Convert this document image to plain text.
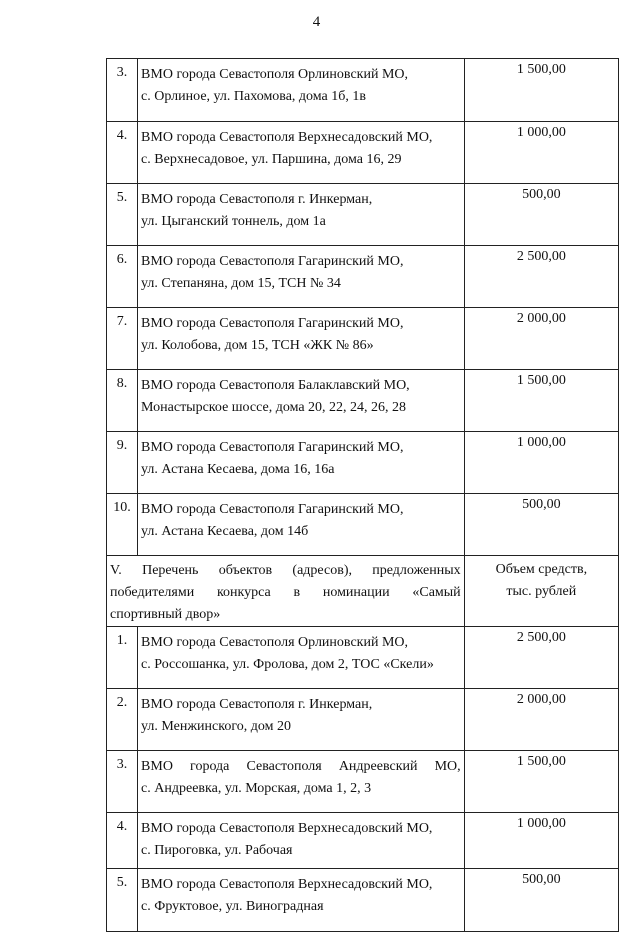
4
3.	ВМО города Севастополя Орлиновский МО,
с. Орлиное, ул. Пахомова, дома 1б, 1в	1 500,00
4.	ВМО города Севастополя Верхнесадовский МО,
с. Верхнесадовое, ул. Паршина, дома 16, 29	1 000,00
5.	ВМО города Севастополя г. Инкерман,
ул. Цыганский тоннель, дом 1а	500,00
6.	ВМО города Севастополя Гагаринский МО,
ул. Степаняна, дом 15, ТСН № 34	2 500,00
7.	ВМО города Севастополя Гагаринский МО,
ул. Колобова, дом 15, ТСН «ЖК № 86»	2 000,00
8.	ВМО города Севастополя Балаклавский МО,
Монастырское шоссе, дома 20, 22, 24, 26, 28	1 500,00
9.	ВМО города Севастополя Гагаринский МО,
ул. Астана Кесаева, дома 16, 16а	1 000,00
10.	ВМО города Севастополя Гагаринский МО,
ул. Астана Кесаева, дом 14б	500,00

V. Перечень объектов (адресов), предложенных
победителями конкурса в номинации «Самый
спортивный двор»		Объем средств,
тыс. рублей

1.	ВМО города Севастополя Орлиновский МО,
с. Россошанка, ул. Фролова, дом 2, ТОС «Скели»	2 500,00
2.	ВМО города Севастополя г. Инкерман,
ул. Менжинского, дом 20	2 000,00
3.	ВМО города Севастополя Андреевский МО,
с. Андреевка, ул. Морская, дома 1, 2, 3	1 500,00
4.	ВМО города Севастополя Верхнесадовский МО,
с. Пироговка, ул. Рабочая	1 000,00
5.	ВМО города Севастополя Верхнесадовский МО,
с. Фруктовое, ул. Виноградная	500,00
